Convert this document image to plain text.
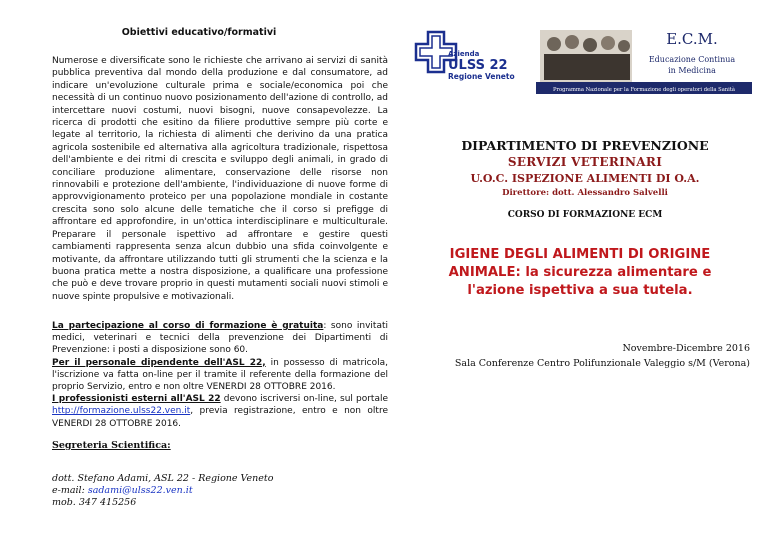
Obiettivi educativo/formativi

Numerose e diversificate sono le richieste che arrivano ai servizi di sanità pubblica preventiva dal mondo della produzione e dal consumatore, ad indicare un'evoluzione culturale prima e sociale/economica poi che necessità di un continuo nuovo posizionamento dell'azione di controllo, ad intercettare nuovi costumi, nuovi bisogni, nuove consapevolezze. La ricerca di prodotti che esitino da filiere produttive sempre più corte e legate al territorio, la richiesta di alimenti che derivino da una pratica agricola sostenibile ed alternativa alla agricoltura tradizionale, rispettosa dell'ambiente e dei ritmi di crescita e sviluppo degli animali, in grado di conciliare produzione alimentare, conservazione delle risorse non rinnovabili e protezione dell'ambiente, l'individuazione di nuove forme di approvvigionamento proteico per una popolazione mondiale in costante crescita sono solo alcune delle tematiche che il corso si prefigge di affrontare ed approfondire, in un'ottica interdisciplinare e multiculturale. Preparare il personale ispettivo ad affrontare e gestire questi cambiamenti rappresenta senza alcun dubbio una sfida coinvolgente e motivante, da affrontare utilizzando tutti gli strumenti che la scienza e la buona pratica mette a nostra disposizione, a qualificare una professione che può e deve trovare proprio in questi mutamenti sociali nuovi stimoli e nuove spinte propulsive e motivazionali.

La partecipazione al corso di formazione è gratuita: sono invitati medici, veterinari e tecnici della prevenzione dei Dipartimenti di Prevenzione: i posti a disposizione sono 60.

Per il personale dipendente dell'ASL 22, in possesso di matricola, l'iscrizione va fatta on-line per il tramite il referente della formazione del proprio Servizio, entro e non oltre VENERDI 28 OTTOBRE 2016.

I professionisti esterni all'ASL 22 devono iscriversi on-line, sul portale http://formazione.ulss22.ven.it, previa registrazione, entro e non oltre VENERDI 28 OTTOBRE 2016.

Segreteria Scientifica:

dott. Stefano Adami, ASL 22 - Regione Veneto

e-mail: sadami@ulss22.ven.it

mob. 347 415256

Azienda
ULSS 22
Regione Veneto
E.C.M.
Educazione Continua
in Medicina
Programma Nazionale per la Formazione degli operatori della Sanità
DIPARTIMENTO DI PREVENZIONE
SERVIZI VETERINARI
U.O.C. ISPEZIONE ALIMENTI DI O.A.
Direttore: dott. Alessandro Salvelli
CORSO DI FORMAZIONE ECM
IGIENE DEGLI ALIMENTI DI ORIGINE
ANIMALE: la sicurezza alimentare e
l'azione ispettiva a sua tutela.
Novembre-Dicembre 2016
Sala Conferenze Centro Polifunzionale Valeggio s/M (Verona)
